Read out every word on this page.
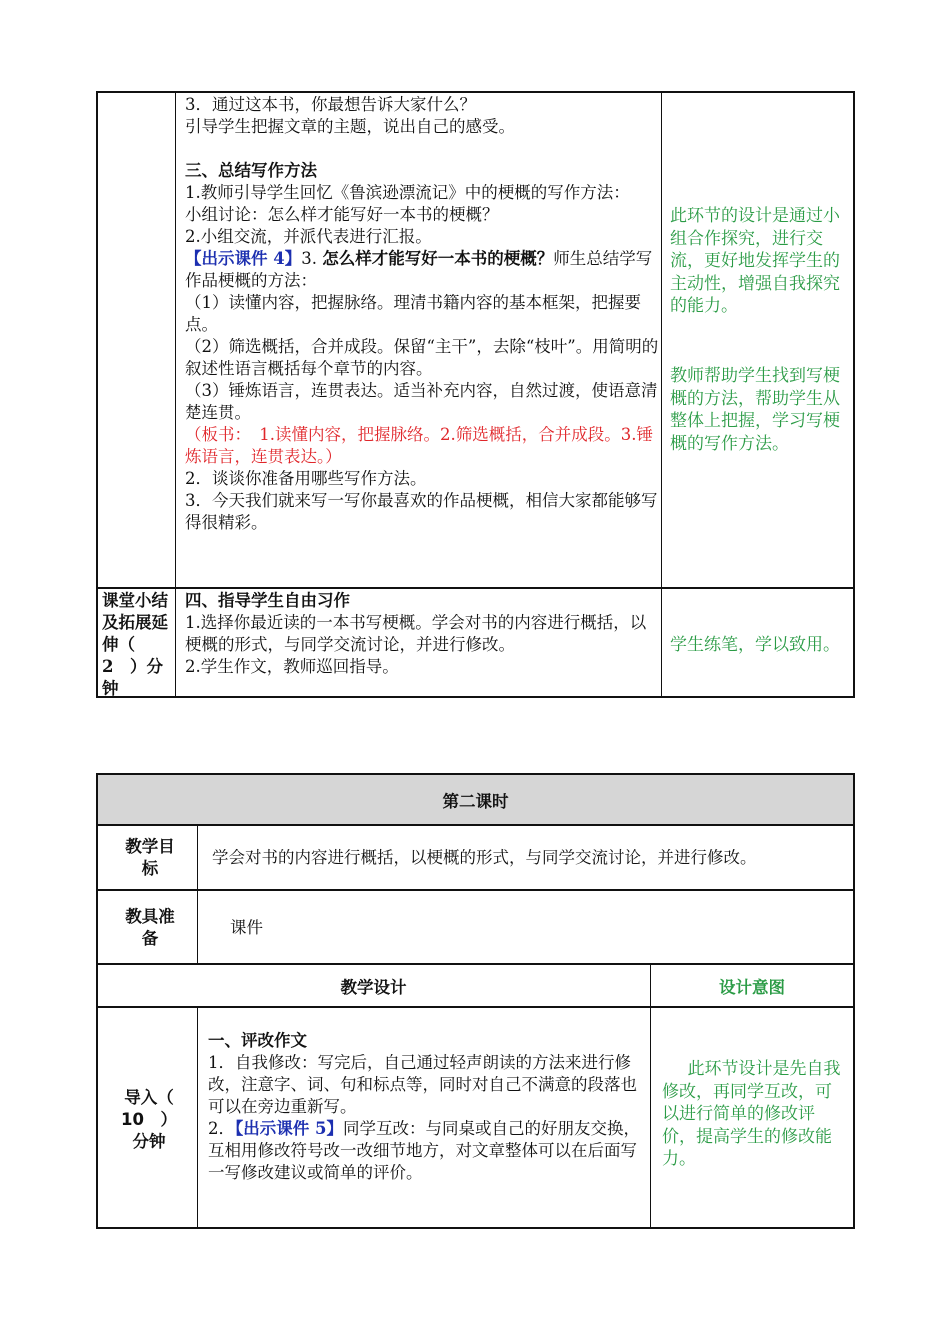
3．通过这本书，你最想告诉大家什么？

引导学生把握文章的主题，说出自己的感受。

三、总结写作方法

1.教师引导学生回忆《鲁滨逊漂流记》中的梗概的写作方法：

小组讨论：怎么样才能写好一本书的梗概？

2.小组交流，并派代表进行汇报。

【出示课件 4】3. 怎么样才能写好一本书的梗概？师生总结学写作品梗概的方法：

（1）读懂内容，把握脉络。理清书籍内容的基本框架，把握要点。

（2）筛选概括，合并成段。保留“主干”，去除“枝叶”。用简明的叙述性语言概括每个章节的内容。

（3）锤炼语言，连贯表达。适当补充内容，自然过渡，使语意清楚连贯。

（板书：　1.读懂内容，把握脉络。2.筛选概括，合并成段。3.锤炼语言，连贯表达。）

2．谈谈你准备用哪些写作方法。

3．今天我们就来写一写你最喜欢的作品梗概，相信大家都能够写得很精彩。

此环节的设计是通过小组合作探究，进行交流，更好地发挥学生的主动性，增强自我探究的能力。
教师帮助学生找到写梗概的方法，帮助学生从整体上把握，学习写梗概的写作方法。
课堂小结及拓展延伸（　2　）分钟

四、指导学生自由习作

1.选择你最近读的一本书写梗概。学会对书的内容进行概括，以梗概的形式，与同学交流讨论，并进行修改。

2.学生作文，教师巡回指导。

学生练笔，学以致用。
第二课时
教学目标
学会对书的内容进行概括，以梗概的形式，与同学交流讨论，并进行修改。
教具准备
课件
教学设计	设计意图
导入（　10　）分钟

一、评改作文

1．自我修改：写完后，自己通过轻声朗读的方法来进行修改，注意字、词、句和标点等，同时对自己不满意的段落也可以在旁边重新写。

2．【出示课件 5】同学互改：与同桌或自己的好朋友交换，互相用修改符号改一改细节地方，对文章整体可以在后面写一写修改建议或简单的评价。

此环节设计是先自我修改，再同学互改，可以进行简单的修改评价，提高学生的修改能力。
